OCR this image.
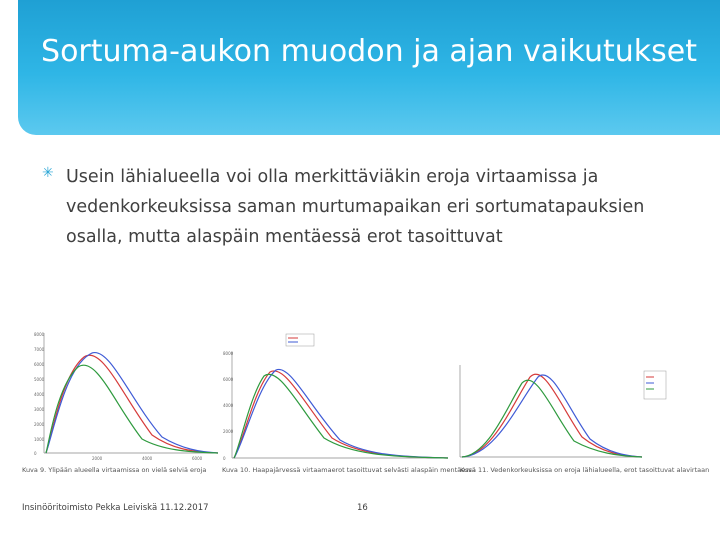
Sortuma-aukon muodon ja ajan vaikutukset
✳ Usein lähialueella voi olla merkittäviäkin eroja virtaamissa ja vedenkorkeuksissa saman murtumapaikan eri sortumatapauksien osalla, mutta alaspäin mentäessä erot tasoittuvat
8000
7000
6000
5000
4000
3000
2000
1000
0
2000	4000	6000
Kuva 9. Ylipään alueella virtaamissa on vielä selviä eroja
8000
6000
4000
2000
0
Kuva 10. Haapajärvessä virtaamaerot tasoittuvat selvästi alaspäin mentäessä
Kuva 11. Vedenkorkeuksissa on eroja lähialueella, erot tasoittuvat alavirtaan
Insinööritoimisto Pekka Leiviskä 11.12.2017	16
